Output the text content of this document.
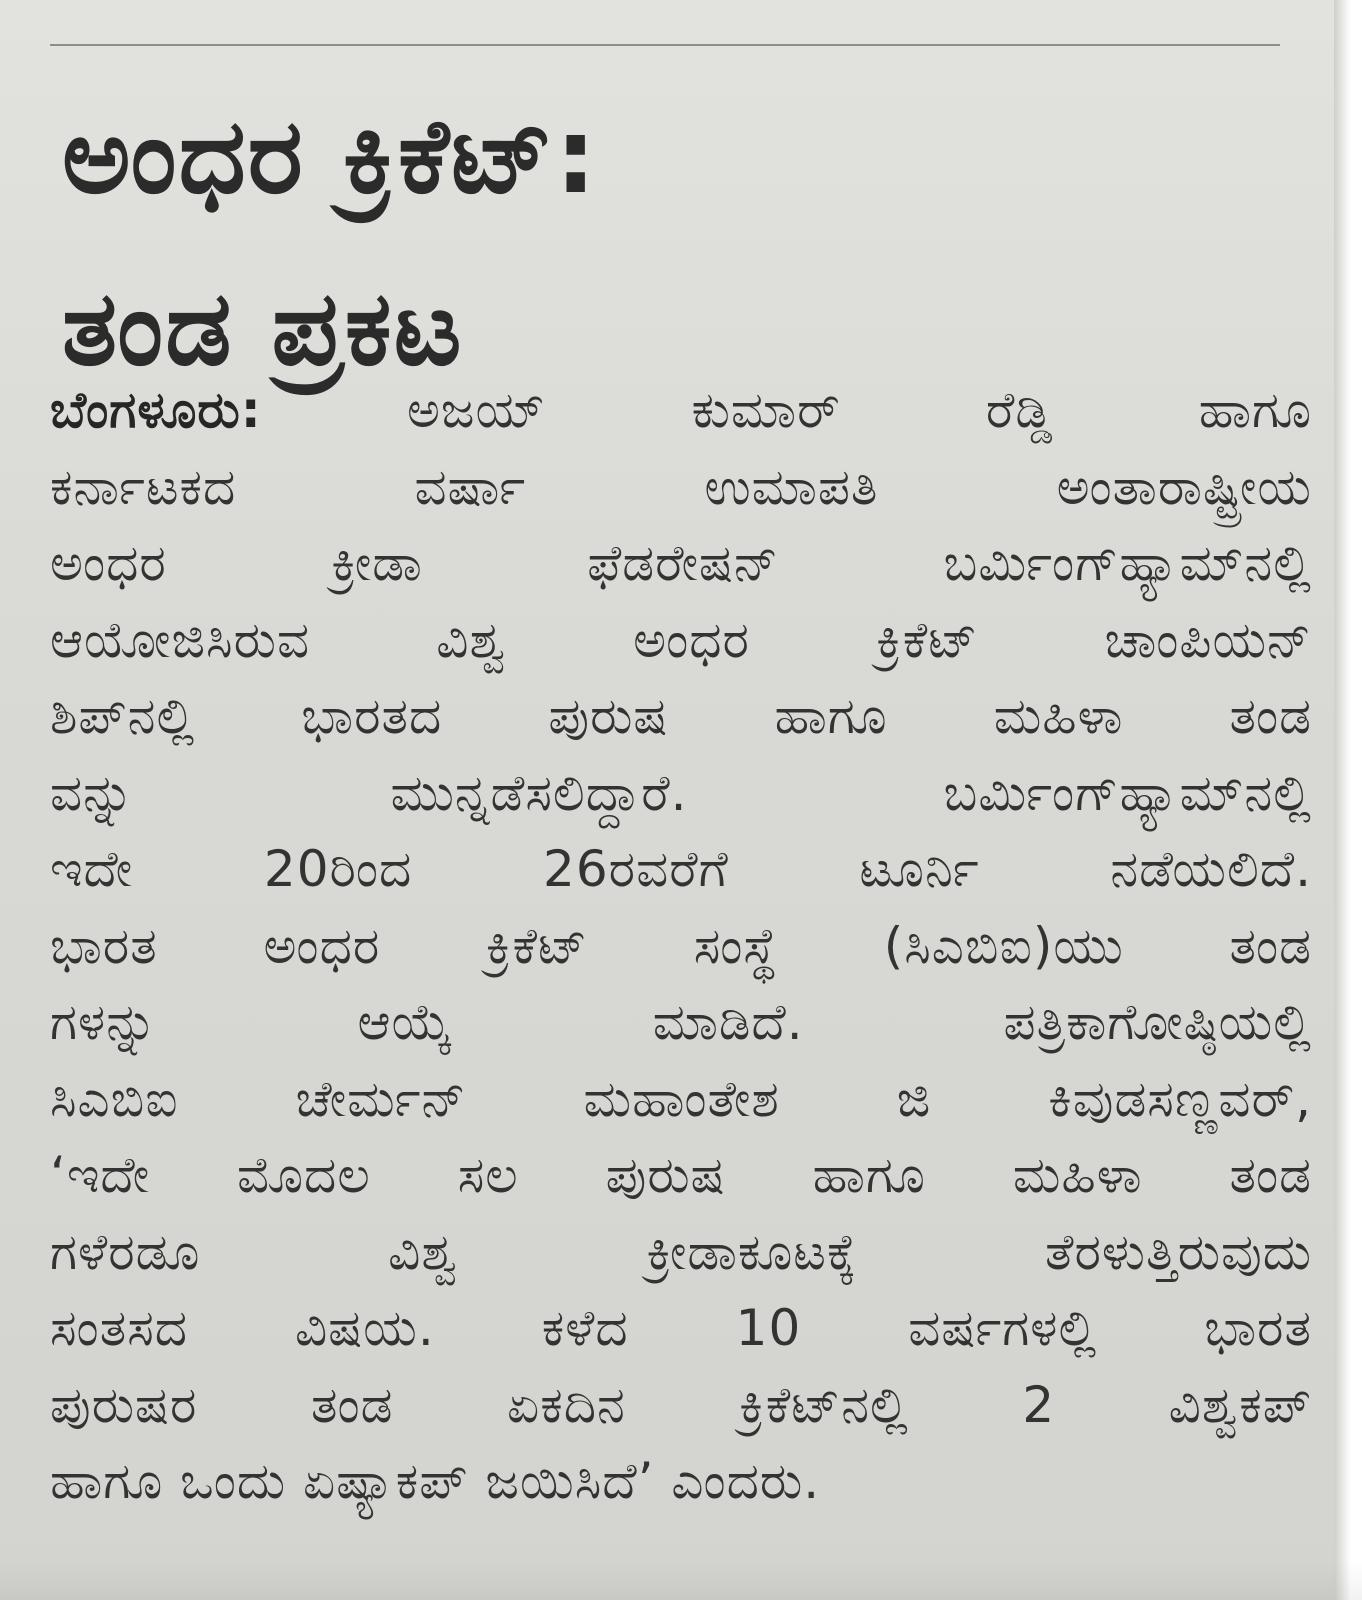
ಅಂಧರ ಕ್ರಿಕೆಟ್:
ತಂಡ ಪ್ರಕಟ
ಬೆಂಗಳೂರು:	ಅಜಯ್ ಕುಮಾರ್ ರೆಡ್ಡಿ ಹಾಗೂ
ಕರ್ನಾಟಕದ ವರ್ಷಾ ಉಮಾಪತಿ ಅಂತಾರಾಷ್ಟ್ರೀಯ
ಅಂಧರ ಕ್ರೀಡಾ ಫೆಡರೇಷನ್ ಬರ್ಮಿಂಗ್‌ಹ್ಯಾಮ್‌ನಲ್ಲಿ
ಆಯೋಜಿಸಿರುವ ವಿಶ್ವ ಅಂಧರ ಕ್ರಿಕೆಟ್ ಚಾಂಪಿಯನ್
ಶಿಪ್‌ನಲ್ಲಿ ಭಾರತದ ಪುರುಷ ಹಾಗೂ ಮಹಿಳಾ ತಂಡ
ವನ್ನು ಮುನ್ನಡೆಸಲಿದ್ದಾರೆ. ಬರ್ಮಿಂಗ್‌ಹ್ಯಾಮ್‌ನಲ್ಲಿ
ಇದೇ 20ರಿಂದ 26ರವರೆಗೆ ಟೂರ್ನಿ ನಡೆಯಲಿದೆ.
ಭಾರತ ಅಂಧರ ಕ್ರಿಕೆಟ್ ಸಂಸ್ಥೆ (ಸಿಎಬಿಐ)ಯು ತಂಡ
ಗಳನ್ನು ಆಯ್ಕೆ ಮಾಡಿದೆ. ಪತ್ರಿಕಾಗೋಷ್ಠಿಯಲ್ಲಿ
ಸಿಎಬಿಐ ಚೇರ್ಮನ್ ಮಹಾಂತೇಶ ಜಿ ಕಿವುಡಸಣ್ಣವರ್,
‘ಇದೇ ಮೊದಲ ಸಲ ಪುರುಷ ಹಾಗೂ ಮಹಿಳಾ ತಂಡ
ಗಳೆರಡೂ ವಿಶ್ವ ಕ್ರೀಡಾಕೂಟಕ್ಕೆ ತೆರಳುತ್ತಿರುವುದು
ಸಂತಸದ ವಿಷಯ. ಕಳೆದ 10 ವರ್ಷಗಳಲ್ಲಿ ಭಾರತ
ಪುರುಷರ ತಂಡ ಏಕದಿನ ಕ್ರಿಕೆಟ್‌ನಲ್ಲಿ 2 ವಿಶ್ವಕಪ್
ಹಾಗೂ ಒಂದು ಏಷ್ಯಾಕಪ್ ಜಯಿಸಿದೆ’ ಎಂದರು.
